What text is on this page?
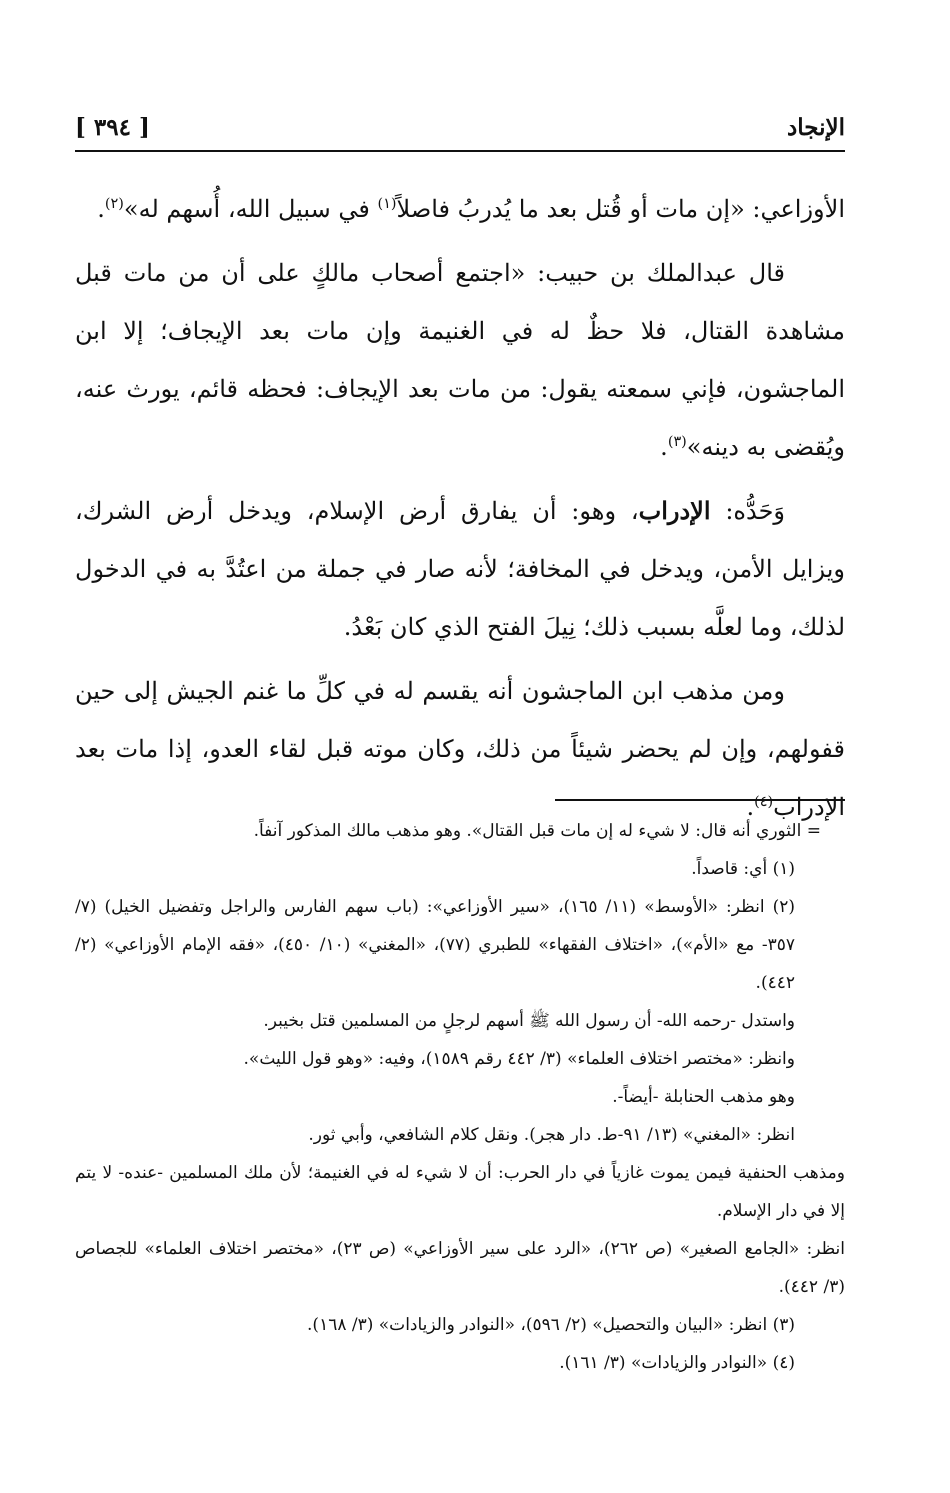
الإنجاد
[ ٣٩٤ ]

الأوزاعي: «إن مات أو قُتل بعد ما يُدربُ فاصلاً$^{(١)}$ في سبيل الله، أُسهم له»$^{(٢)}$.

قال عبدالملك بن حبيب: «اجتمع أصحاب مالكٍ على أن من مات قبل مشاهدة القتال، فلا حظٌ له في الغنيمة وإن مات بعد الإيجاف؛ إلا ابن الماجشون، فإني سمعته يقول: من مات بعد الإيجاف: فحظه قائم، يورث عنه، ويُقضى به دينه»$^{(٣)}$.

وَحَدُّه: الإدراب، وهو: أن يفارق أرض الإسلام، ويدخل أرض الشرك، ويزايل الأمن، ويدخل في المخافة؛ لأنه صار في جملة من اعتُدَّ به في الدخول لذلك، وما لعلَّه بسبب ذلك؛ نِيلَ الفتح الذي كان بَعْدُ.

ومن مذهب ابن الماجشون أنه يقسم له في كلِّ ما غنم الجيش إلى حين قفولهم، وإن لم يحضر شيئاً من ذلك، وكان موته قبل لقاء العدو، إذا مات بعد الإدراب$^{(٤)}$.

= الثوري أنه قال: لا شيء له إن مات قبل القتال». وهو مذهب مالك المذكور آنفاً.

(١) أي: قاصداً.

(٢) انظر: «الأوسط» (١١/ ١٦٥)، «سير الأوزاعي»: (باب سهم الفارس والراجل وتفضيل الخيل) (٧/ ٣٥٧- مع «الأم»)، «اختلاف الفقهاء» للطبري (٧٧)، «المغني» (١٠/ ٤٥٠)، «فقه الإمام الأوزاعي» (٢/ ٤٤٢).

واستدل -رحمه الله- أن رسول الله ﷺ أسهم لرجلٍ من المسلمين قتل بخيبر.

وانظر: «مختصر اختلاف العلماء» (٣/ ٤٤٢ رقم ١٥٨٩)، وفيه: «وهو قول الليث».

وهو مذهب الحنابلة -أيضاً-.

انظر: «المغني» (١٣/ ٩١-ط. دار هجر). ونقل كلام الشافعي، وأبي ثور.

ومذهب الحنفية فيمن يموت غازياً في دار الحرب: أن لا شيء له في الغنيمة؛ لأن ملك المسلمين -عنده- لا يتم إلا في دار الإسلام.

انظر: «الجامع الصغير» (ص ٢٦٢)، «الرد على سير الأوزاعي» (ص ٢٣)، «مختصر اختلاف العلماء» للجصاص (٣/ ٤٤٢).

(٣) انظر: «البيان والتحصيل» (٢/ ٥٩٦)، «النوادر والزيادات» (٣/ ١٦٨).

(٤) «النوادر والزيادات» (٣/ ١٦١).
